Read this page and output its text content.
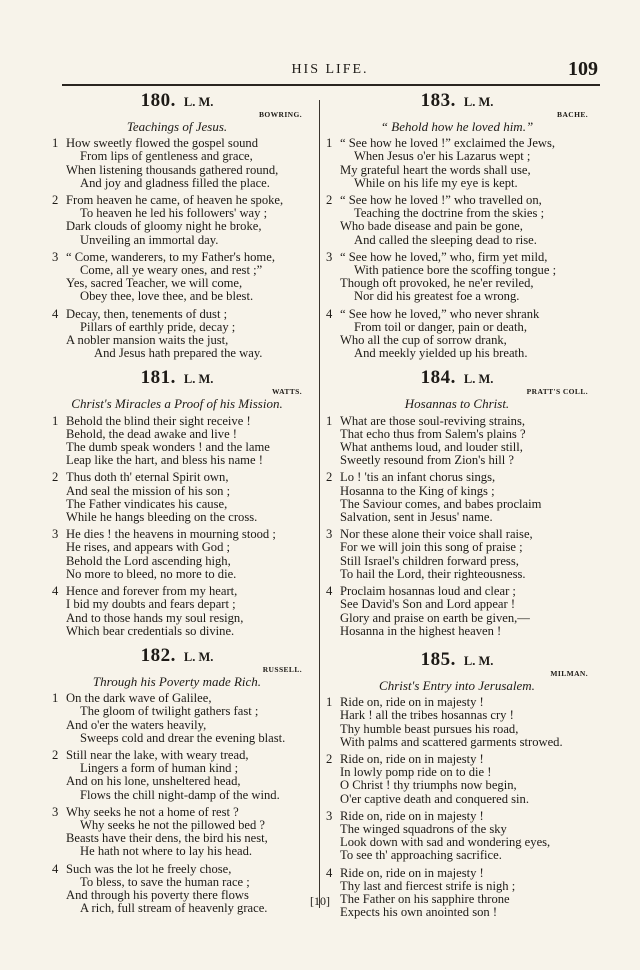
HIS LIFE.	109
180. L. M.
BOWRING.
Teachings of Jesus.
1 How sweetly flowed the gospel sound
From lips of gentleness and grace,
When listening thousands gathered round,
And joy and gladness filled the place.
2 From heaven he came, of heaven he spoke,
To heaven he led his followers' way ;
Dark clouds of gloomy night he broke,
Unveiling an immortal day.
3 “ Come, wanderers, to my Father's home,
Come, all ye weary ones, and rest ;”
Yes, sacred Teacher, we will come,
Obey thee, love thee, and be blest.
4 Decay, then, tenements of dust ;
Pillars of earthly pride, decay ;
A nobler mansion waits the just,
And Jesus hath prepared the way.
181. L. M.
WATTS.
Christ's Miracles a Proof of his Mission.
1 Behold the blind their sight receive !
Behold, the dead awake and live !
The dumb speak wonders ! and the lame
Leap like the hart, and bless his name !
2 Thus doth th' eternal Spirit own,
And seal the mission of his son ;
The Father vindicates his cause,
While he hangs bleeding on the cross.
3 He dies ! the heavens in mourning stood ;
He rises, and appears with God ;
Behold the Lord ascending high,
No more to bleed, no more to die.
4 Hence and forever from my heart,
I bid my doubts and fears depart ;
And to those hands my soul resign,
Which bear credentials so divine.
182. L. M.
RUSSELL.
Through his Poverty made Rich.
1 On the dark wave of Galilee,
The gloom of twilight gathers fast ;
And o'er the waters heavily,
Sweeps cold and drear the evening blast.
2 Still near the lake, with weary tread,
Lingers a form of human kind ;
And on his lone, unsheltered head,
Flows the chill night-damp of the wind.
3 Why seeks he not a home of rest ?
Why seeks he not the pillowed bed ?
Beasts have their dens, the bird his nest,
He hath not where to lay his head.
4 Such was the lot he freely chose,
To bless, to save the human race ;
And through his poverty there flows
A rich, full stream of heavenly grace.
183. L. M.
BACHE.
“ Behold how he loved him.”
1 “ See how he loved !” exclaimed the Jews,
When Jesus o'er his Lazarus wept ;
My grateful heart the words shall use,
While on his life my eye is kept.
2 “ See how he loved !” who travelled on,
Teaching the doctrine from the skies ;
Who bade disease and pain be gone,
And called the sleeping dead to rise.
3 “ See how he loved,” who, firm yet mild,
With patience bore the scoffing tongue ;
Though oft provoked, he ne'er reviled,
Nor did his greatest foe a wrong.
4 “ See how he loved,” who never shrank
From toil or danger, pain or death,
Who all the cup of sorrow drank,
And meekly yielded up his breath.
184. L. M.
PRATT'S COLL.
Hosannas to Christ.
1 What are those soul-reviving strains,
That echo thus from Salem's plains ?
What anthems loud, and louder still,
Sweetly resound from Zion's hill ?
2 Lo ! 'tis an infant chorus sings,
Hosanna to the King of kings ;
The Saviour comes, and babes proclaim
Salvation, sent in Jesus' name.
3 Nor these alone their voice shall raise,
For we will join this song of praise ;
Still Israel's children forward press,
To hail the Lord, their righteousness.
4 Proclaim hosannas loud and clear ;
See David's Son and Lord appear !
Glory and praise on earth be given,—
Hosanna in the highest heaven !
185. L. M.
MILMAN.
Christ's Entry into Jerusalem.
1 Ride on, ride on in majesty !
Hark ! all the tribes hosannas cry !
Thy humble beast pursues his road,
With palms and scattered garments strowed.
2 Ride on, ride on in majesty !
In lowly pomp ride on to die !
O Christ ! thy triumphs now begin,
O'er captive death and conquered sin.
3 Ride on, ride on in majesty !
The winged squadrons of the sky
Look down with sad and wondering eyes,
To see th' approaching sacrifice.
4 Ride on, ride on in majesty !
Thy last and fiercest strife is nigh ;
The Father on his sapphire throne
Expects his own anointed son !
[10]
